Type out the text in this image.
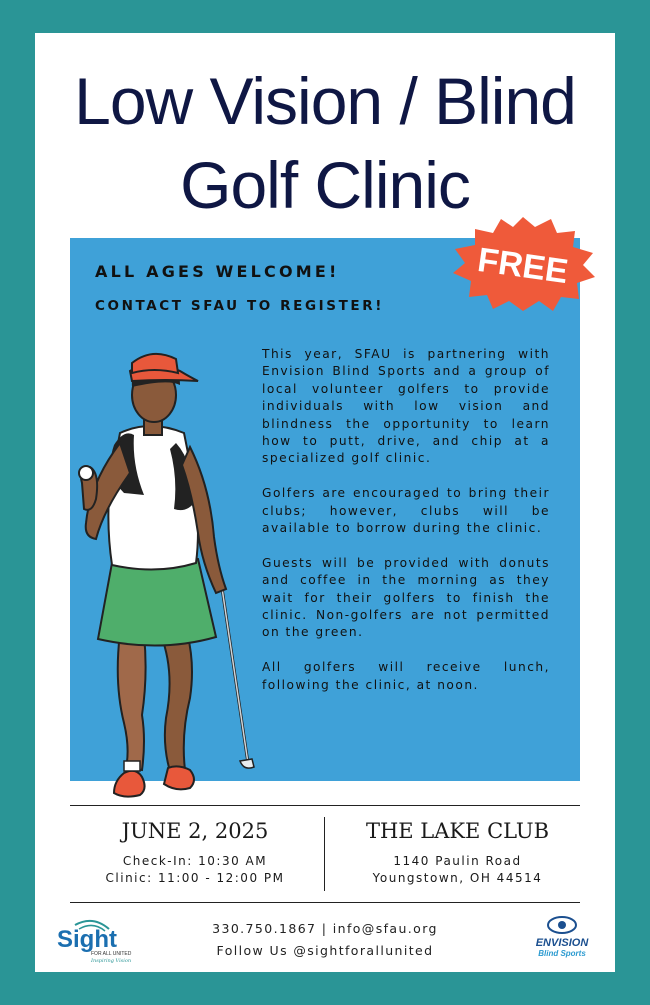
Low Vision / Blind
Golf Clinic
ALL AGES WELCOME!
CONTACT SFAU TO REGISTER!

This year, SFAU is partnering with Envision Blind Sports and a group of local volunteer golfers to provide individuals with low vision and blindness the opportunity to learn how to putt, drive, and chip at a specialized golf clinic.

Golfers are encouraged to bring their clubs; however, clubs will be available to borrow during the clinic.

Guests will be provided with donuts and coffee in the morning as they wait for their golfers to finish the clinic. Non-golfers are not permitted on the green.

All golfers will receive lunch, following the clinic, at noon.

FREE
JUNE 2, 2025
Check-In: 10:30 AM
Clinic: 11:00 - 12:00 PM
THE LAKE CLUB
1140 Paulin Road
Youngstown, OH 44514
330.750.1867 | info@sfau.org
Follow Us @sightforallunited
Sight
FOR ALL UNITED
Inspiring Vision
ENVISION
Blind Sports
